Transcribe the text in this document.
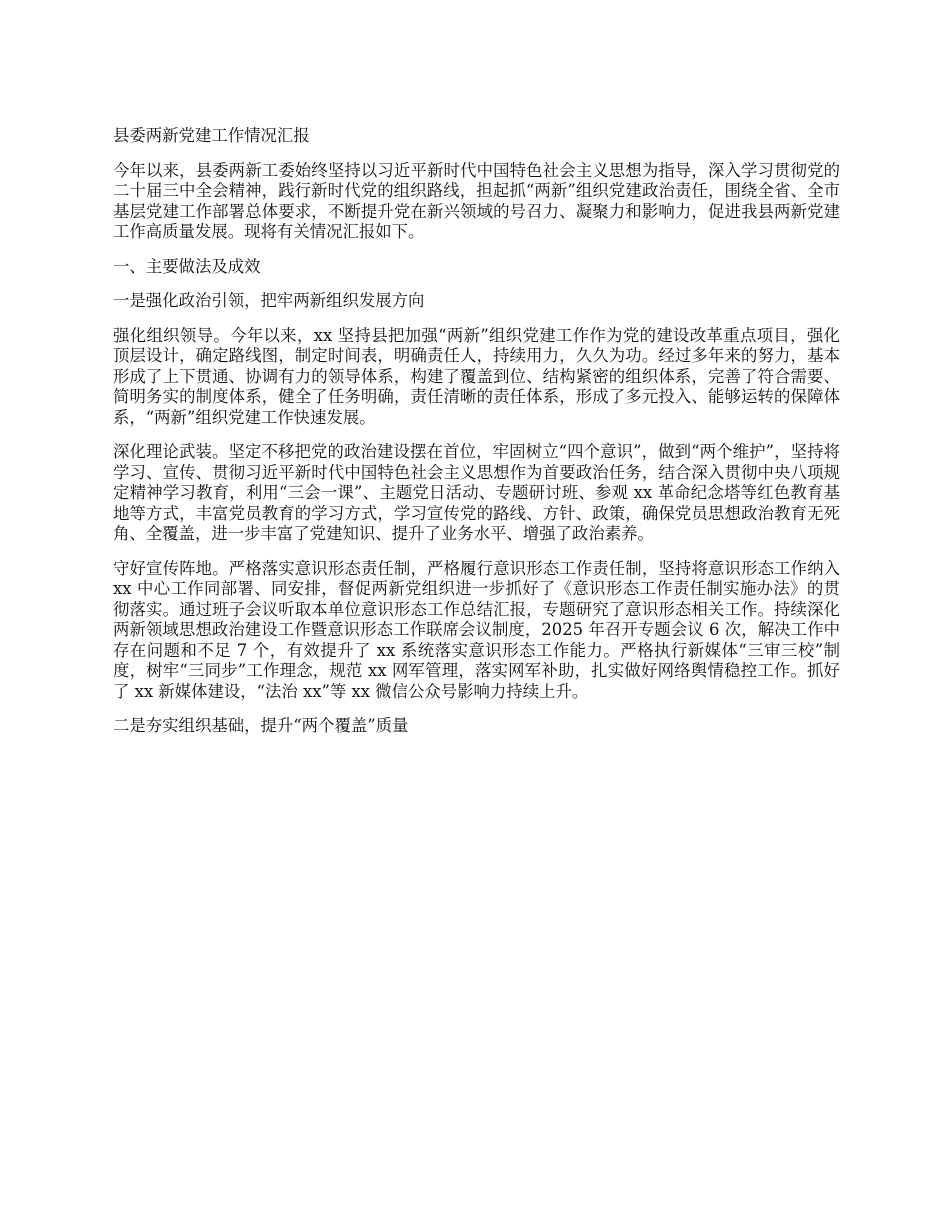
县委两新党建工作情况汇报

今年以来，县委两新工委始终坚持以习近平新时代中国特色社会主义思想为指导，深入学习贯彻党的二十届三中全会精神，践行新时代党的组织路线，担起抓“两新”组织党建政治责任，围绕全省、全市基层党建工作部署总体要求，不断提升党在新兴领域的号召力、凝聚力和影响力，促进我县两新党建工作高质量发展。现将有关情况汇报如下。

一、主要做法及成效

一是强化政治引领，把牢两新组织发展方向

强化组织领导。今年以来，xx 坚持县把加强“两新”组织党建工作作为党的建设改革重点项目，强化顶层设计，确定路线图，制定时间表，明确责任人，持续用力，久久为功。经过多年来的努力，基本形成了上下贯通、协调有力的领导体系，构建了覆盖到位、结构紧密的组织体系，完善了符合需要、简明务实的制度体系，健全了任务明确，责任清晰的责任体系，形成了多元投入、能够运转的保障体系，“两新”组织党建工作快速发展。

深化理论武装。坚定不移把党的政治建设摆在首位，牢固树立“四个意识”，做到“两个维护”，坚持将学习、宣传、贯彻习近平新时代中国特色社会主义思想作为首要政治任务，结合深入贯彻中央八项规定精神学习教育，利用“三会一课”、主题党日活动、专题研讨班、参观 xx 革命纪念塔等红色教育基地等方式，丰富党员教育的学习方式，学习宣传党的路线、方针、政策，确保党员思想政治教育无死角、全覆盖，进一步丰富了党建知识、提升了业务水平、增强了政治素养。

守好宣传阵地。严格落实意识形态责任制，严格履行意识形态工作责任制，坚持将意识形态工作纳入 xx 中心工作同部署、同安排，督促两新党组织进一步抓好了《意识形态工作责任制实施办法》的贯彻落实。通过班子会议听取本单位意识形态工作总结汇报，专题研究了意识形态相关工作。持续深化两新领域思想政治建设工作暨意识形态工作联席会议制度，2025 年召开专题会议 6 次，解决工作中存在问题和不足 7 个，有效提升了 xx 系统落实意识形态工作能力。严格执行新媒体“三审三校”制度，树牢“三同步”工作理念，规范 xx 网军管理，落实网军补助，扎实做好网络舆情稳控工作。抓好了 xx 新媒体建设，“法治 xx”等 xx 微信公众号影响力持续上升。

二是夯实组织基础，提升“两个覆盖”质量
